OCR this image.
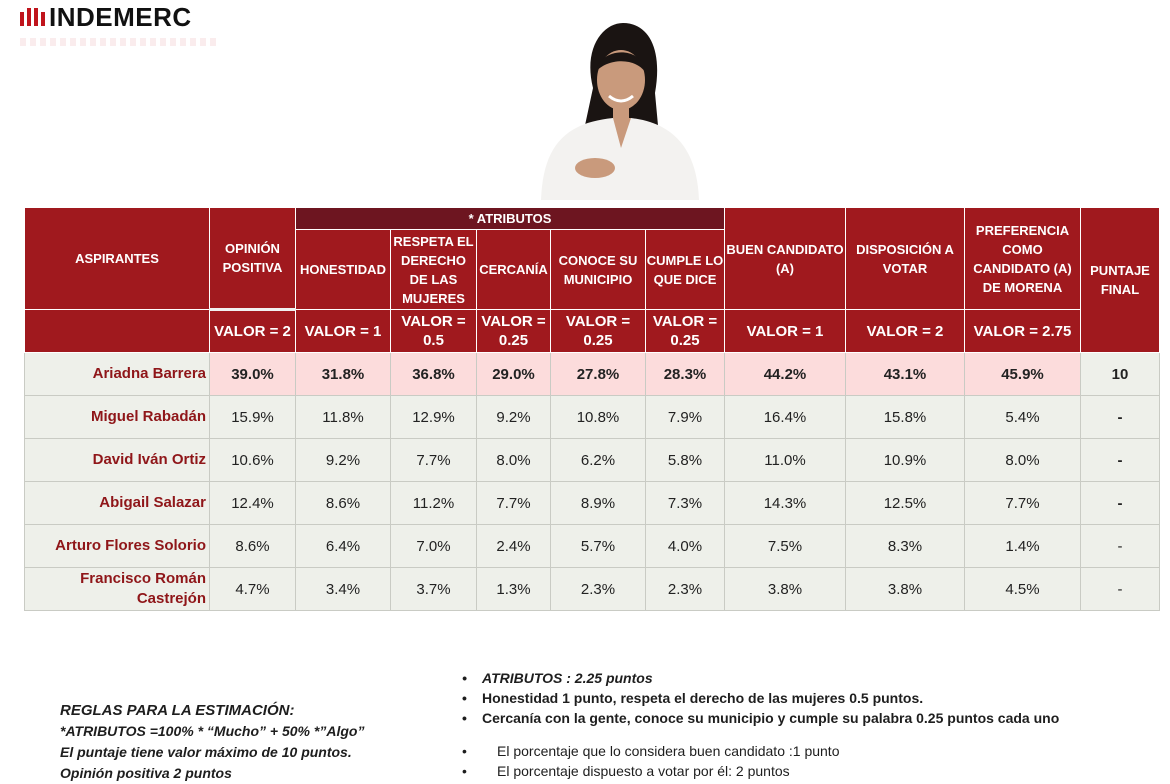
INDEMERC
ASPIRANTES	OPINIÓN POSITIVA	* ATRIBUTOS					BUEN CANDIDATO (A)	DISPOSICIÓN A VOTAR	PREFERENCIA COMO CANDIDATO (A) DE MORENA	PUNTAJE FINAL
		HONESTIDAD	RESPETA EL DERECHO DE LAS MUJERES	CERCANÍA	CONOCE SU MUNICIPIO	CUMPLE LO QUE DICE				
	VALOR = 2	VALOR = 1	VALOR = 0.5	VALOR = 0.25	VALOR = 0.25	VALOR = 0.25	VALOR = 1	VALOR = 2	VALOR = 2.75	
Ariadna Barrera	39.0%	31.8%	36.8%	29.0%	27.8%	28.3%	44.2%	43.1%	45.9%	10
Miguel Rabadán	15.9%	11.8%	12.9%	9.2%	10.8%	7.9%	16.4%	15.8%	5.4%	-
David Iván Ortiz	10.6%	9.2%	7.7%	8.0%	6.2%	5.8%	11.0%	10.9%	8.0%	-
Abigail Salazar	12.4%	8.6%	11.2%	7.7%	8.9%	7.3%	14.3%	12.5%	7.7%	-
Arturo Flores Solorio	8.6%	6.4%	7.0%	2.4%	5.7%	4.0%	7.5%	8.3%	1.4%	-
Francisco Román Castrejón	4.7%	3.4%	3.7%	1.3%	2.3%	2.3%	3.8%	3.8%	4.5%	-
REGLAS PARA LA ESTIMACIÓN:
*ATRIBUTOS =100% * “Mucho” + 50% *”Algo”
El puntaje tiene valor máximo de 10 puntos.
Opinión positiva 2 puntos
• ATRIBUTOS : 2.25 puntos
• Honestidad 1 punto, respeta el derecho de las mujeres 0.5 puntos.
• Cercanía con la gente, conoce su municipio y cumple su palabra 0.25 puntos cada uno
• El porcentaje que lo considera buen candidato :1 punto
• El porcentaje dispuesto a votar por él: 2 puntos
